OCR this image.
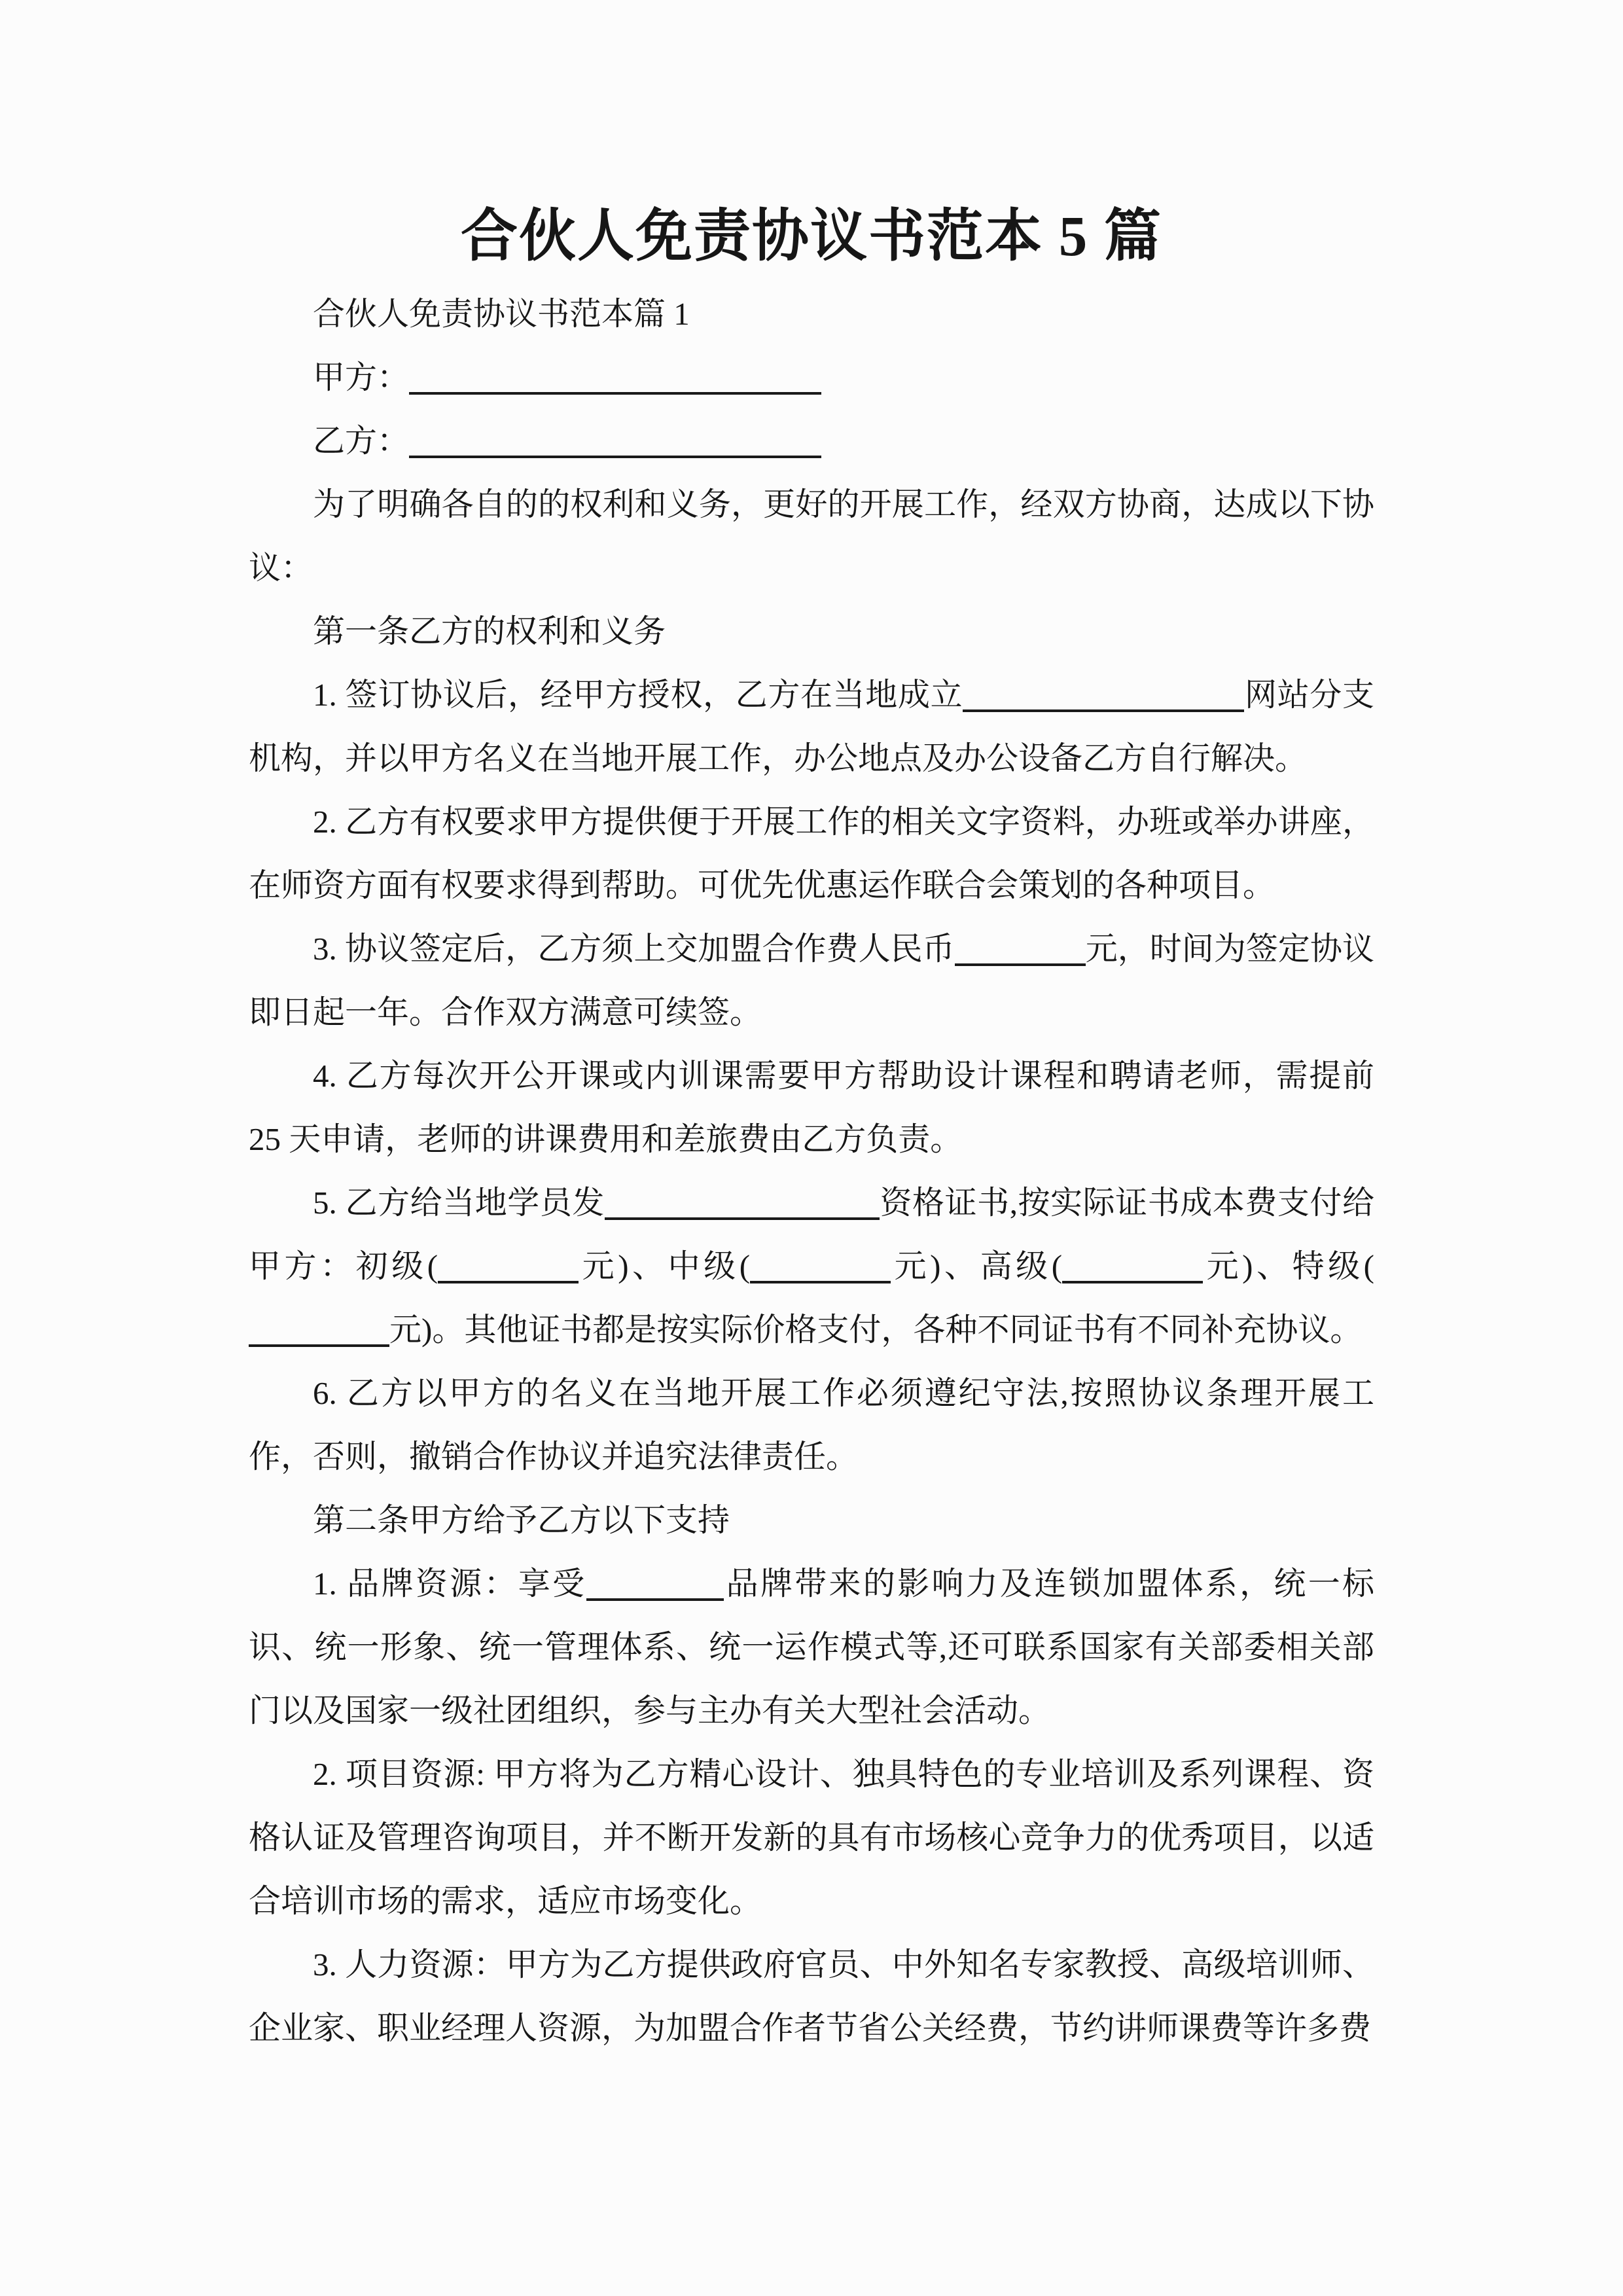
合伙人免责协议书范本 5 篇

合伙人免责协议书范本篇 1

甲方：

乙方：

为了明确各自的的权利和义务，更好的开展工作，经双方协商，达成以下协议：

第一条乙方的权利和义务

1. 签订协议后，经甲方授权，乙方在当地成立	网站分支机构，并以甲方名义在当地开展工作，办公地点及办公设备乙方自行解决。

2. 乙方有权要求甲方提供便于开展工作的相关文字资料，办班或举办讲座，在师资方面有权要求得到帮助。可优先优惠运作联合会策划的各种项目。

3. 协议签定后，乙方须上交加盟合作费人民币	元，时间为签定协议即日起一年。合作双方满意可续签。

4. 乙方每次开公开课或内训课需要甲方帮助设计课程和聘请老师，需提前 25 天申请，老师的讲课费用和差旅费由乙方负责。

5. 乙方给当地学员发	资格证书,按实际证书成本费支付给甲方：初级(	元)、中级(	元)、高级(	元)、特级(元)。其他证书都是按实际价格支付，各种不同证书有不同补充协议。

6. 乙方以甲方的名义在当地开展工作必须遵纪守法,按照协议条理开展工作，否则，撤销合作协议并追究法律责任。

第二条甲方给予乙方以下支持

1. 品牌资源：享受	品牌带来的影响力及连锁加盟体系，统一标识、统一形象、统一管理体系、统一运作模式等,还可联系国家有关部委相关部门以及国家一级社团组织，参与主办有关大型社会活动。

2. 项目资源: 甲方将为乙方精心设计、独具特色的专业培训及系列课程、资格认证及管理咨询项目，并不断开发新的具有市场核心竞争力的优秀项目，以适合培训市场的需求，适应市场变化。

3. 人力资源：甲方为乙方提供政府官员、中外知名专家教授、高级培训师、企业家、职业经理人资源，为加盟合作者节省公关经费，节约讲师课费等许多费
